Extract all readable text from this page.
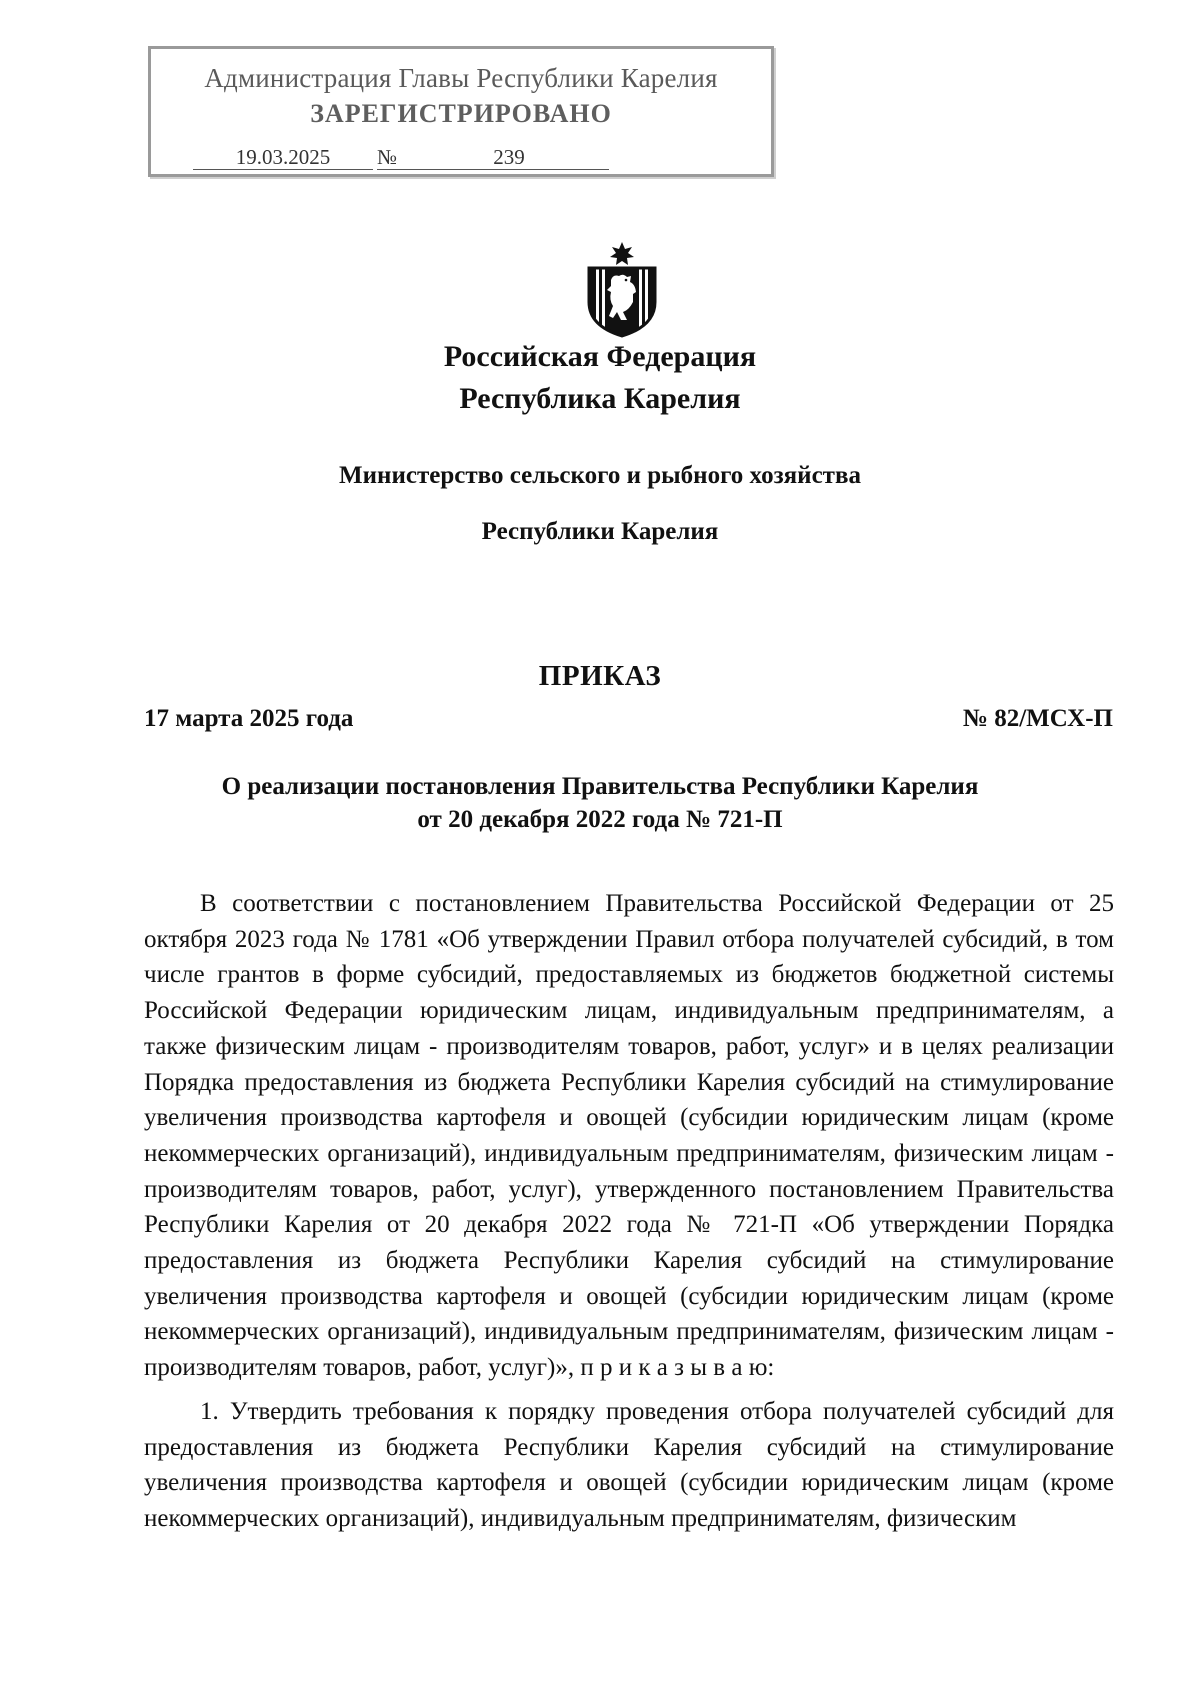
Администрация Главы Республики Карелия
ЗАРЕГИСТРИРОВАНО
19.03.2025	№	239
Российская Федерация
Республика Карелия
Министерство сельского и рыбного хозяйства
Республики Карелия
ПРИКАЗ
17 марта 2025 года	№ 82/МСХ-П
О реализации постановления Правительства Республики Карелия
от 20 декабря 2022 года № 721-П

В соответствии с постановлением Правительства Российской Федерации от 25 октября 2023 года № 1781 «Об утверждении Правил отбора получателей субсидий, в том числе грантов в форме субсидий, предоставляемых из бюджетов бюджетной системы Российской Федерации юридическим лицам, индивидуальным предпринимателям, а также физическим лицам - производителям товаров, работ, услуг» и в целях реализации Порядка предоставления из бюджета Республики Карелия субсидий на стимулирование увеличения производства картофеля и овощей (субсидии юридическим лицам (кроме некоммерческих организаций), индивидуальным предпринимателям, физическим лицам - производителям товаров, работ, услуг), утвержденного постановлением Правительства Республики Карелия от 20 декабря 2022 года № 721-П «Об утверждении Порядка предоставления из бюджета Республики Карелия субсидий на стимулирование увеличения производства картофеля и овощей (субсидии юридическим лицам (кроме некоммерческих организаций), индивидуальным предпринимателям, физическим лицам - производителям товаров, работ, услуг)», п р и к а з ы в а ю:

1. Утвердить требования к порядку проведения отбора получателей субсидий для предоставления из бюджета Республики Карелия субсидий на стимулирование увеличения производства картофеля и овощей (субсидии юридическим лицам (кроме некоммерческих организаций), индивидуальным предпринимателям, физическим
